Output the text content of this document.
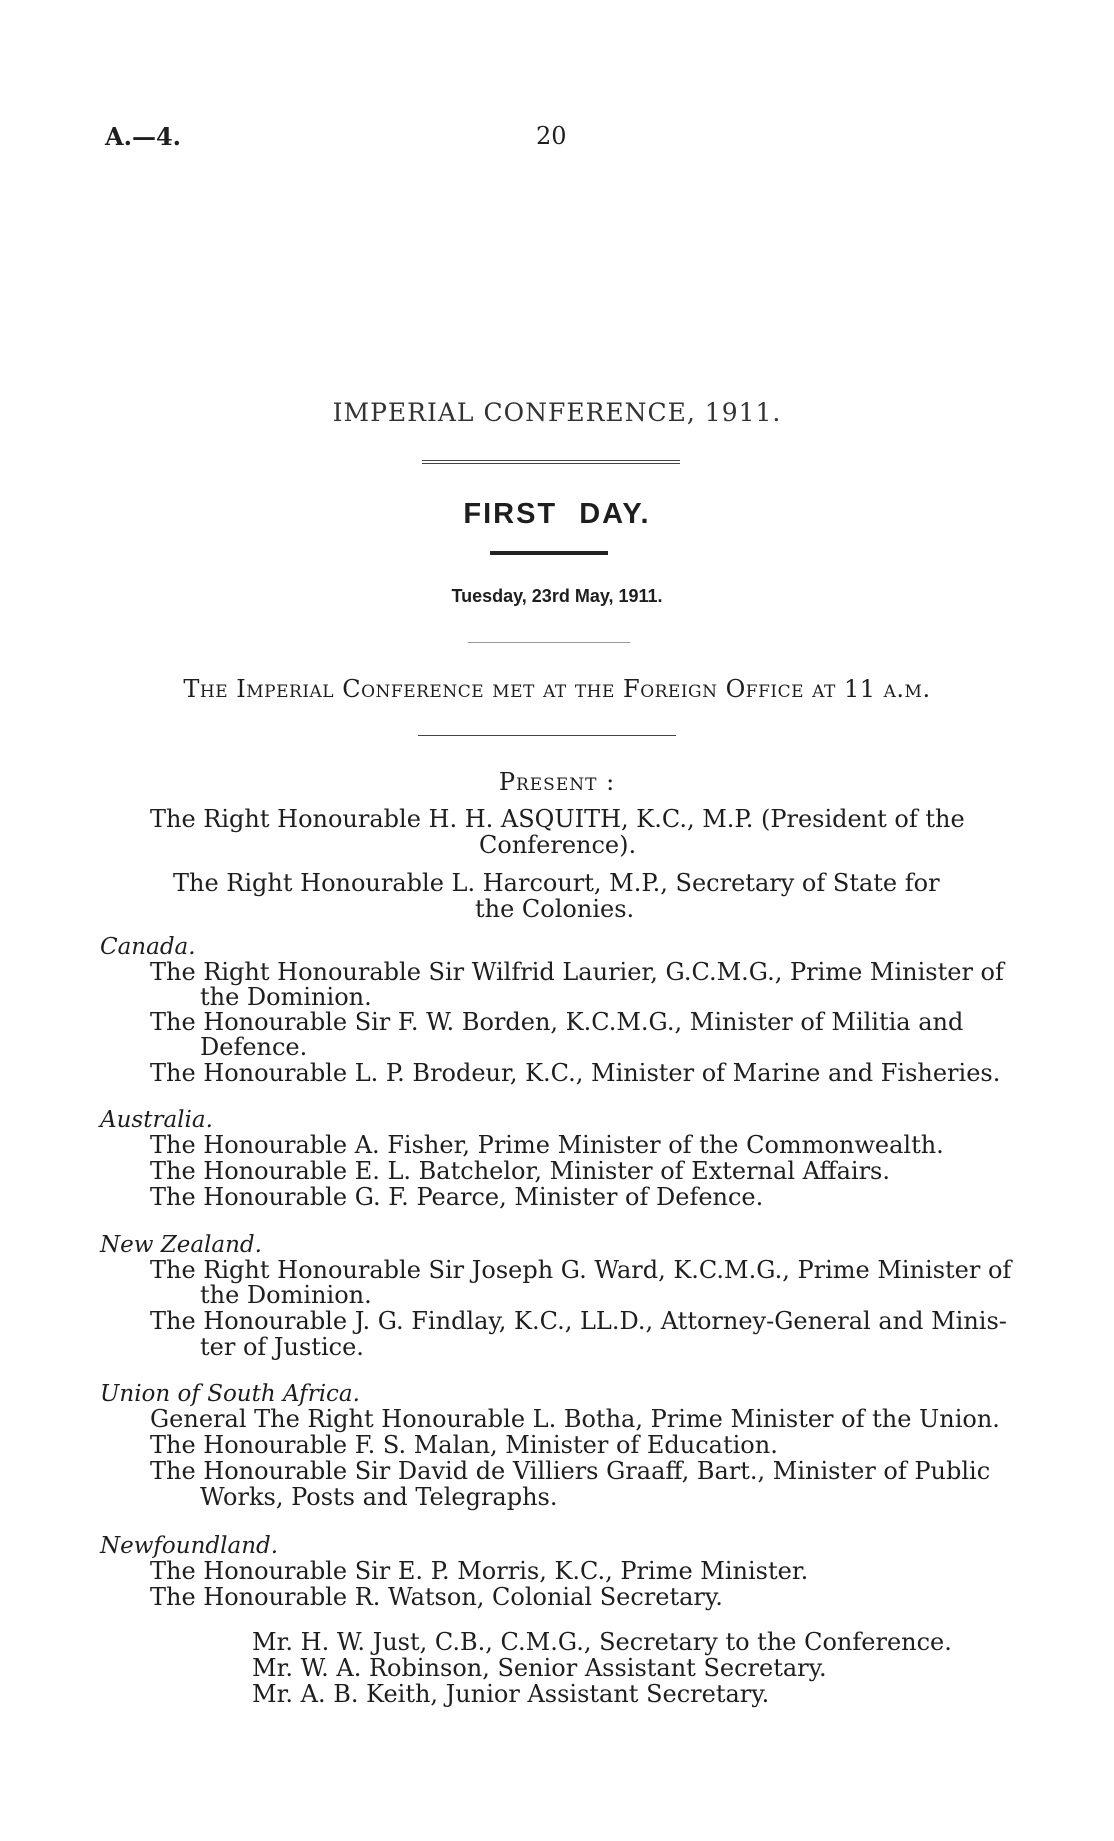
A.—4.	20
IMPERIAL CONFERENCE, 1911.
FIRST DAY.
Tuesday, 23rd May, 1911.
The Imperial Conference met at the Foreign Office at 11 a.m.
Present :
The Right Honourable H. H. ASQUITH, K.C., M.P. (President of the
Conference).
The Right Honourable L. Harcourt, M.P., Secretary of State for
the Colonies.
Canada.
The Right Honourable Sir Wilfrid Laurier, G.C.M.G., Prime Minister of
the Dominion.
The Honourable Sir F. W. Borden, K.C.M.G., Minister of Militia and
Defence.
The Honourable L. P. Brodeur, K.C., Minister of Marine and Fisheries.
Australia.
The Honourable A. Fisher, Prime Minister of the Commonwealth.
The Honourable E. L. Batchelor, Minister of External Affairs.
The Honourable G. F. Pearce, Minister of Defence.
New Zealand.
The Right Honourable Sir Joseph G. Ward, K.C.M.G., Prime Minister of
the Dominion.
The Honourable J. G. Findlay, K.C., LL.D., Attorney-General and Minis-
ter of Justice.
Union of South Africa.
General The Right Honourable L. Botha, Prime Minister of the Union.
The Honourable F. S. Malan, Minister of Education.
The Honourable Sir David de Villiers Graaff, Bart., Minister of Public
Works, Posts and Telegraphs.
Newfoundland.
The Honourable Sir E. P. Morris, K.C., Prime Minister.
The Honourable R. Watson, Colonial Secretary.
Mr. H. W. Just, C.B., C.M.G., Secretary to the Conference.
Mr. W. A. Robinson, Senior Assistant Secretary.
Mr. A. B. Keith, Junior Assistant Secretary.
